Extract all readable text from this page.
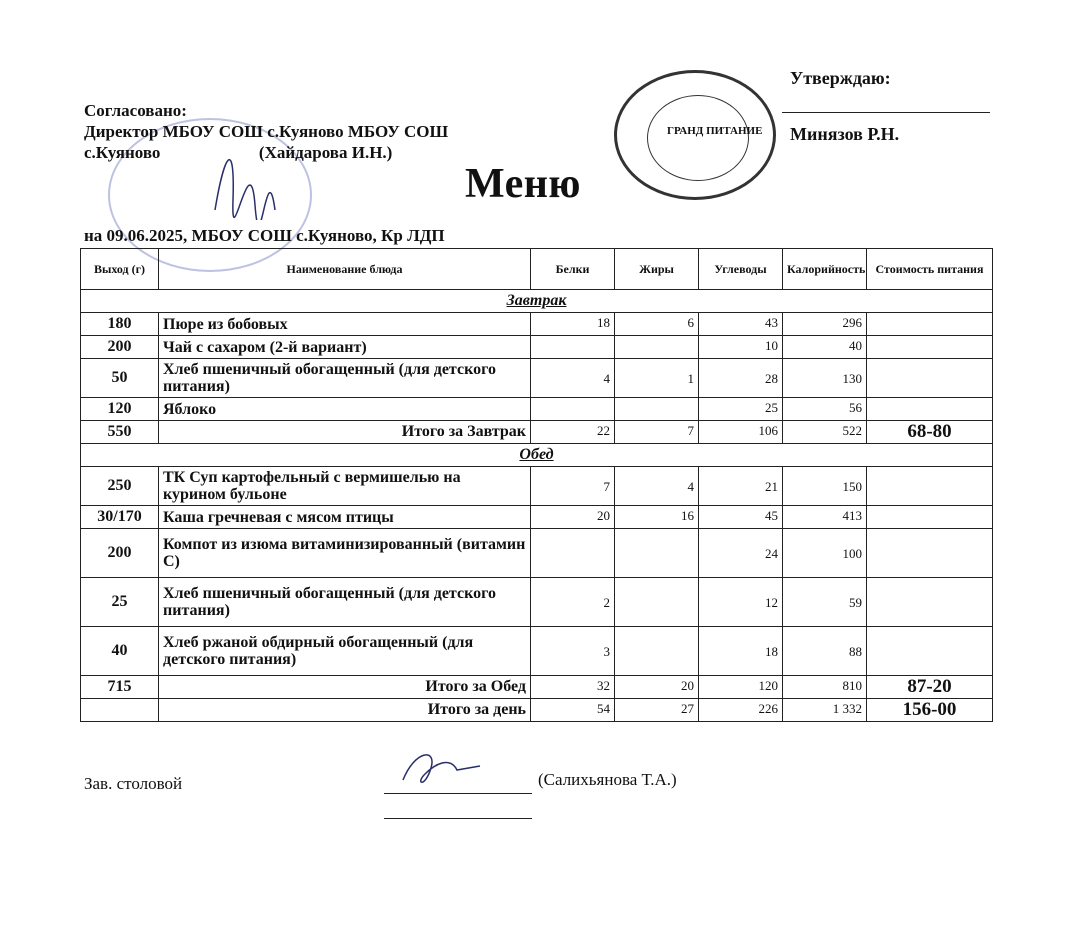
ГРАНД ПИТАНИЕ
Согласовано:
Директор МБОУ СОШ с.Куяново МБОУ СОШ
с.Куяново	(Хайдарова И.Н.)
Утверждаю:
Минязов Р.Н.
Меню
на 09.06.2025, МБОУ СОШ с.Куяново, Кр ЛДП
Выход (г)	Наименование блюда	Белки	Жиры	Углеводы	Калорийность	Стоимость питания
Завтрак						
180	Пюре из бобовых	18	6	43	296	
200	Чай с сахаром (2-й вариант)			10	40	
50	Хлеб пшеничный обогащенный (для детского питания)	4	1	28	130	
120	Яблоко			25	56	
550	Итого за Завтрак	22	7	106	522	68-80
Обед						
250	ТК Суп картофельный с вермишелью на курином бульоне	7	4	21	150	
30/170	Каша гречневая с мясом птицы	20	16	45	413	
200	Компот из изюма витаминизированный (витамин С)			24	100	
25	Хлеб пшеничный обогащенный (для детского питания)	2		12	59	
40	Хлеб ржаной обдирный обогащенный (для детского питания)	3		18	88	
715	Итого за Обед	32	20	120	810	87-20
	Итого за день	54	27	226	1 332	156-00
Зав. столовой	(Салихьянова Т.А.)
